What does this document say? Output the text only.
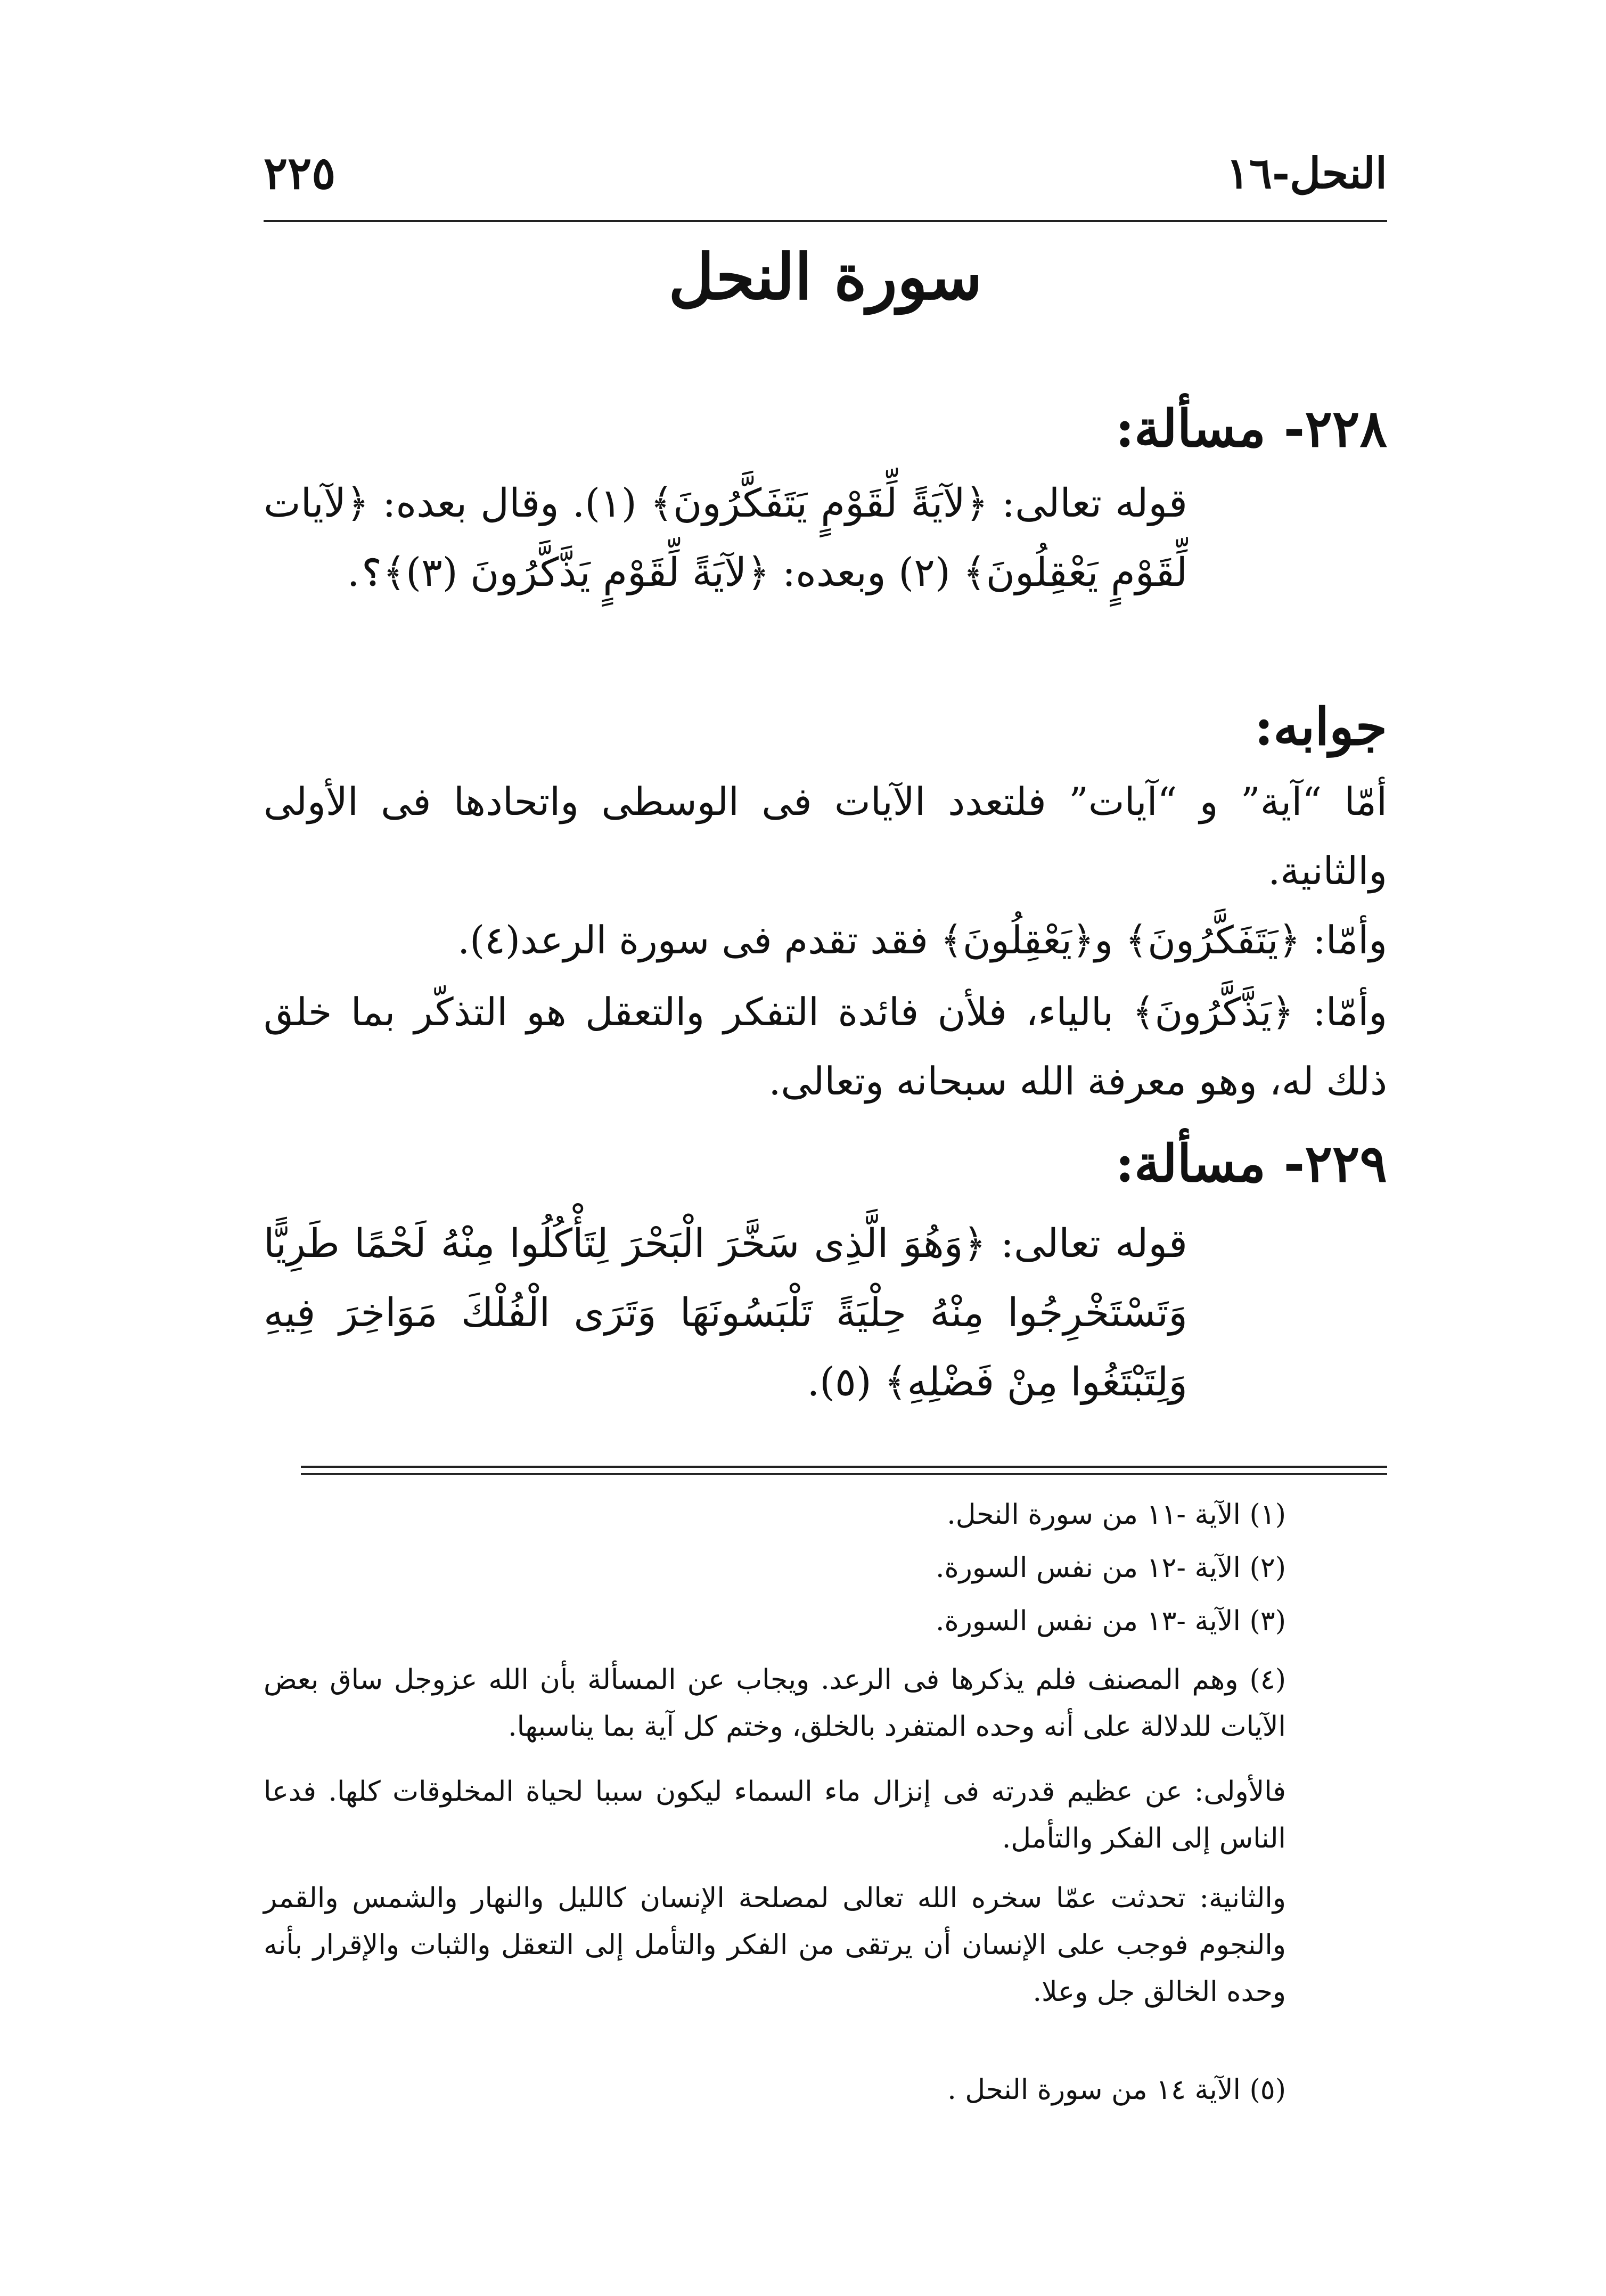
النحل-١٦
٢٢٥
سورة النحل
٢٢٨- مسألة:
قوله تعالى: ﴿لآيَةً لِّقَوْمٍ يَتَفَكَّرُونَ﴾ (١). وقال بعده: ﴿لآيات لِّقَوْمٍ يَعْقِلُونَ﴾ (٢) وبعده: ﴿لآيَةً لِّقَوْمٍ يَذَّكَّرُونَ (٣)﴾؟.
جوابه:
أمّا “آية” و “آيات” فلتعدد الآيات فى الوسطى واتحادها فى الأولى والثانية.
وأمّا: ﴿يَتَفَكَّرُونَ﴾ و﴿يَعْقِلُونَ﴾ فقد تقدم فى سورة الرعد(٤).
وأمّا: ﴿يَذَّكَّرُونَ﴾ بالياء، فلأن فائدة التفكر والتعقل هو التذكّر بما خلق ذلك له، وهو معرفة الله سبحانه وتعالى.
٢٢٩- مسألة:
قوله تعالى: ﴿وَهُوَ الَّذِى سَخَّرَ الْبَحْرَ لِتَأْكُلُوا مِنْهُ لَحْمًا طَرِيًّا وَتَسْتَخْرِجُوا مِنْهُ حِلْيَةً تَلْبَسُونَهَا وَتَرَى الْفُلْكَ مَوَاخِرَ فِيهِ وَلِتَبْتَغُوا مِنْ فَضْلِهِ﴾ (٥).
(١) الآية -١١ من سورة النحل.
(٢) الآية -١٢ من نفس السورة.
(٣) الآية -١٣ من نفس السورة.
(٤) وهم المصنف فلم يذكرها فى الرعد. ويجاب عن المسألة بأن الله عزوجل ساق بعض الآيات للدلالة على أنه وحده المتفرد بالخلق، وختم كل آية بما يناسبها.
فالأولى: عن عظيم قدرته فى إنزال ماء السماء ليكون سببا لحياة المخلوقات كلها. فدعا الناس إلى الفكر والتأمل.
والثانية: تحدثت عمّا سخره الله تعالى لمصلحة الإنسان كالليل والنهار والشمس والقمر والنجوم فوجب على الإنسان أن يرتقى من الفكر والتأمل إلى التعقل والثبات والإقرار بأنه وحده الخالق جل وعلا.
(٥) الآية ١٤ من سورة النحل .
